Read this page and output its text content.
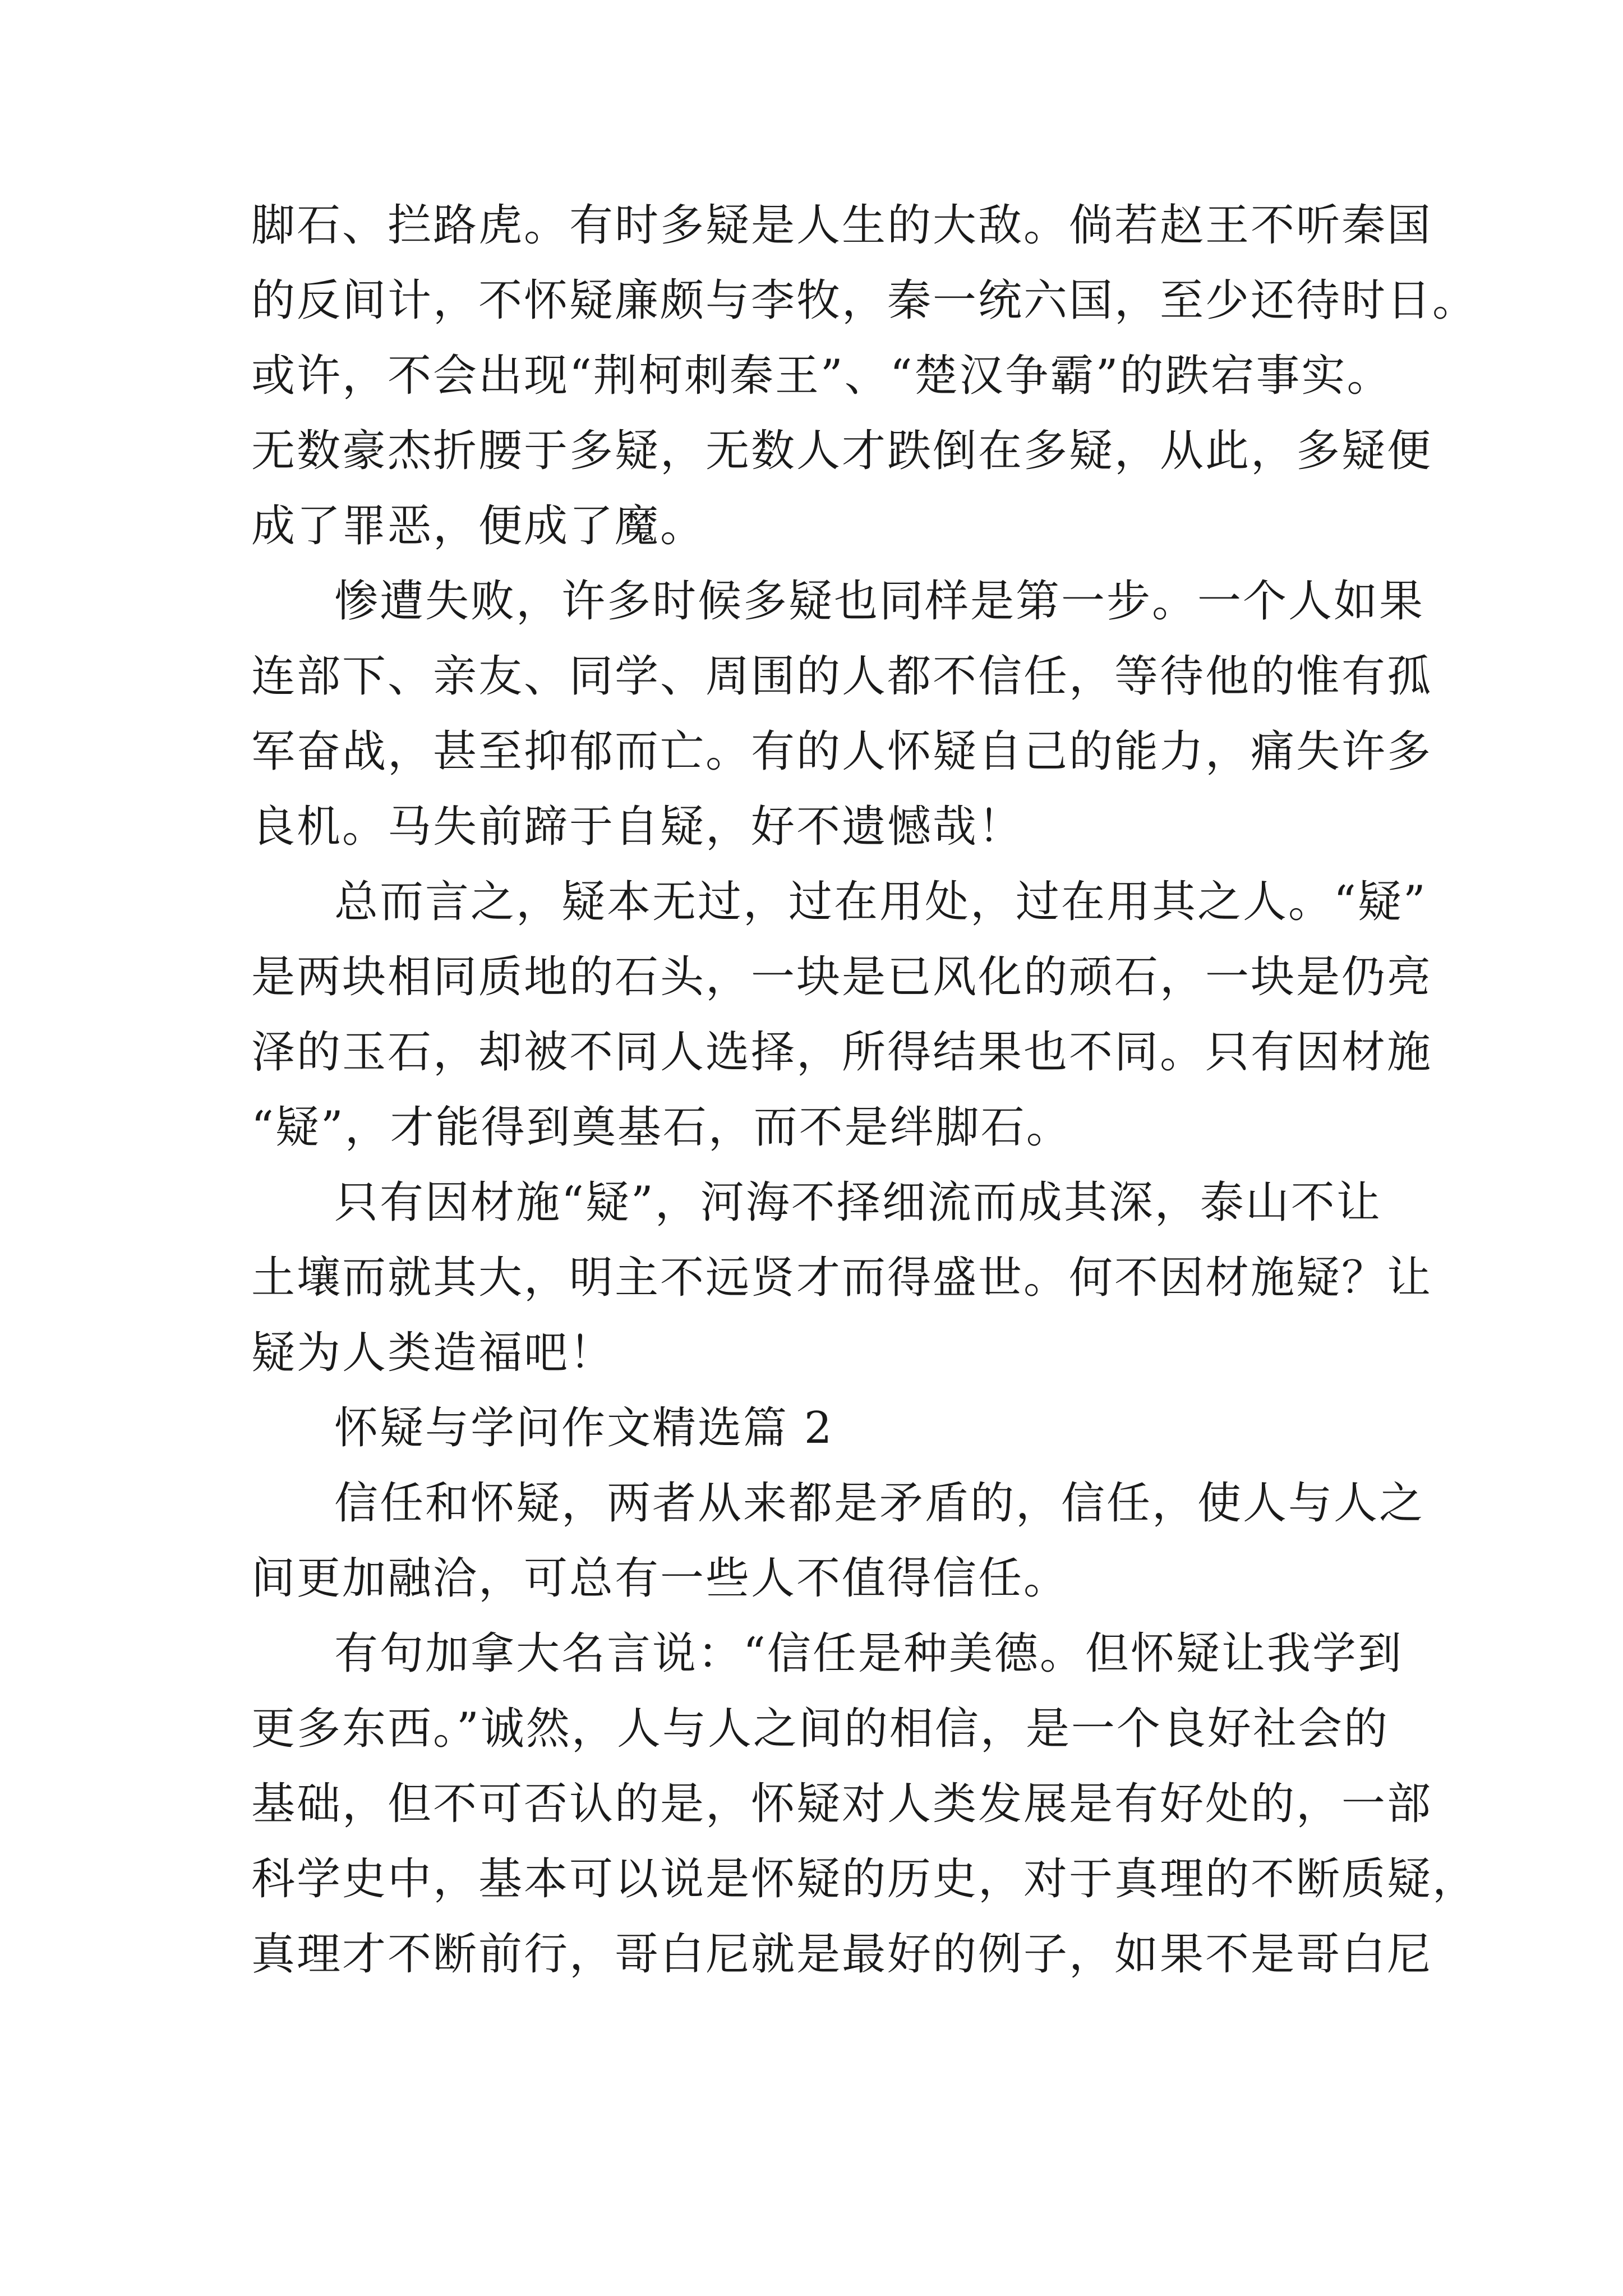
脚石、拦路虎。有时多疑是人生的大敌。倘若赵王不听秦国
的反间计，不怀疑廉颇与李牧，秦一统六国，至少还待时日。
或许，不会出现“荆柯刺秦王”、“楚汉争霸”的跌宕事实。
无数豪杰折腰于多疑，无数人才跌倒在多疑，从此，多疑便
成了罪恶，便成了魔。
惨遭失败，许多时候多疑也同样是第一步。一个人如果
连部下、亲友、同学、周围的人都不信任，等待他的惟有孤
军奋战，甚至抑郁而亡。有的人怀疑自己的能力，痛失许多
良机。马失前蹄于自疑，好不遗憾哉！
总而言之，疑本无过，过在用处，过在用其之人。“疑”
是两块相同质地的石头，一块是已风化的顽石，一块是仍亮
泽的玉石，却被不同人选择，所得结果也不同。只有因材施
“疑”，才能得到奠基石，而不是绊脚石。
只有因材施“疑”，河海不择细流而成其深，泰山不让
土壤而就其大，明主不远贤才而得盛世。何不因材施疑？让
疑为人类造福吧！
怀疑与学问作文精选篇 2
信任和怀疑，两者从来都是矛盾的，信任，使人与人之
间更加融洽，可总有一些人不值得信任。
有句加拿大名言说：“信任是种美德。但怀疑让我学到
更多东西。”诚然，人与人之间的相信，是一个良好社会的
基础，但不可否认的是，怀疑对人类发展是有好处的，一部
科学史中，基本可以说是怀疑的历史，对于真理的不断质疑，
真理才不断前行，哥白尼就是最好的例子，如果不是哥白尼
